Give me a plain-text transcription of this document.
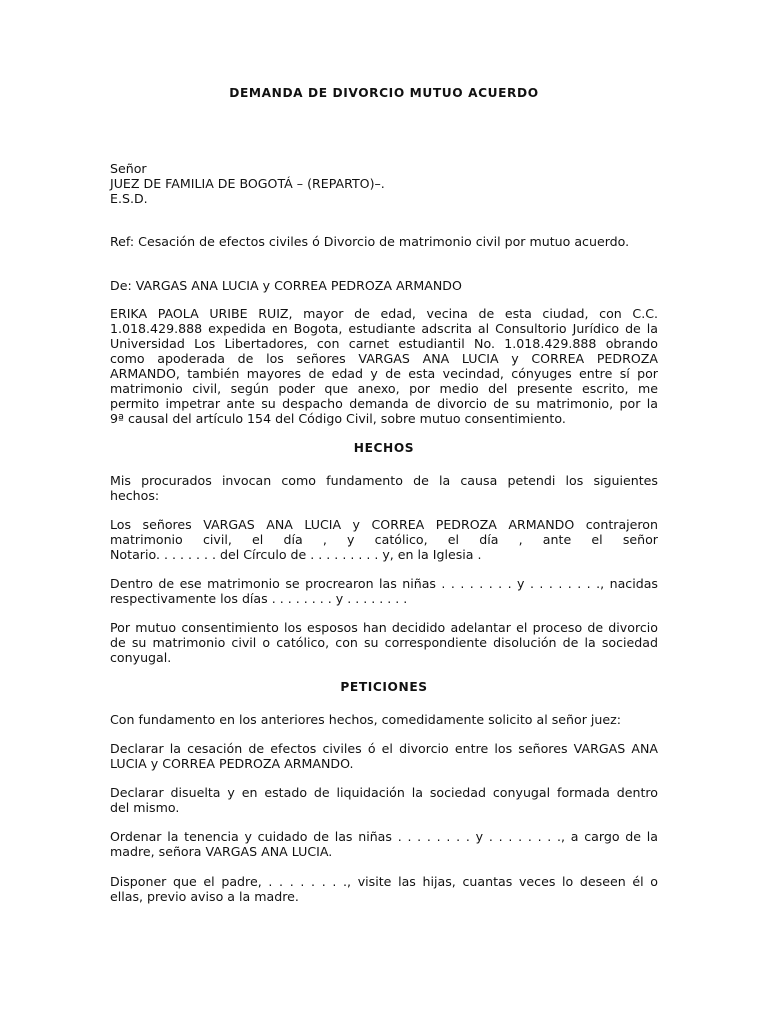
DEMANDA DE DIVORCIO MUTUO ACUERDO
Señor
JUEZ DE FAMILIA DE BOGOTÁ – (REPARTO)–.
E.S.D.
Ref: Cesación de efectos civiles ó Divorcio de matrimonio civil por mutuo acuerdo.
De: VARGAS ANA LUCIA y CORREA PEDROZA ARMANDO
ERIKA PAOLA URIBE RUIZ, mayor de edad, vecina de esta ciudad, con C.C.
1.018.429.888 expedida en Bogota, estudiante adscrita al Consultorio Jurídico de la
Universidad Los Libertadores, con carnet estudiantil No. 1.018.429.888 obrando
como apoderada de los señores VARGAS ANA LUCIA y CORREA PEDROZA
ARMANDO, también mayores de edad y de esta vecindad, cónyuges entre sí por
matrimonio civil, según poder que anexo, por medio del presente escrito, me
permito impetrar ante su despacho demanda de divorcio de su matrimonio, por la
9ª causal del artículo 154 del Código Civil, sobre mutuo consentimiento.
HECHOS
Mis procurados invocan como fundamento de la causa petendi los siguientes
hechos:
Los señores VARGAS ANA LUCIA y CORREA PEDROZA ARMANDO contrajeron
matrimonio civil, el día , y católico, el día , ante el señor
Notario. . . . . . . . del Círculo de . . . . . . . . . y, en la Iglesia .
Dentro de ese matrimonio se procrearon las niñas . . . . . . . . y . . . . . . . ., nacidas
respectivamente los días . . . . . . . . y . . . . . . . .
Por mutuo consentimiento los esposos han decidido adelantar el proceso de divorcio
de su matrimonio civil o católico, con su correspondiente disolución de la sociedad
conyugal.
PETICIONES
Con fundamento en los anteriores hechos, comedidamente solicito al señor juez:
Declarar la cesación de efectos civiles ó el divorcio entre los señores VARGAS ANA
LUCIA y CORREA PEDROZA ARMANDO.
Declarar disuelta y en estado de liquidación la sociedad conyugal formada dentro
del mismo.
Ordenar la tenencia y cuidado de las niñas . . . . . . . . y . . . . . . . ., a cargo de la
madre, señora VARGAS ANA LUCIA.
Disponer que el padre, . . . . . . . ., visite las hijas, cuantas veces lo deseen él o
ellas, previo aviso a la madre.
